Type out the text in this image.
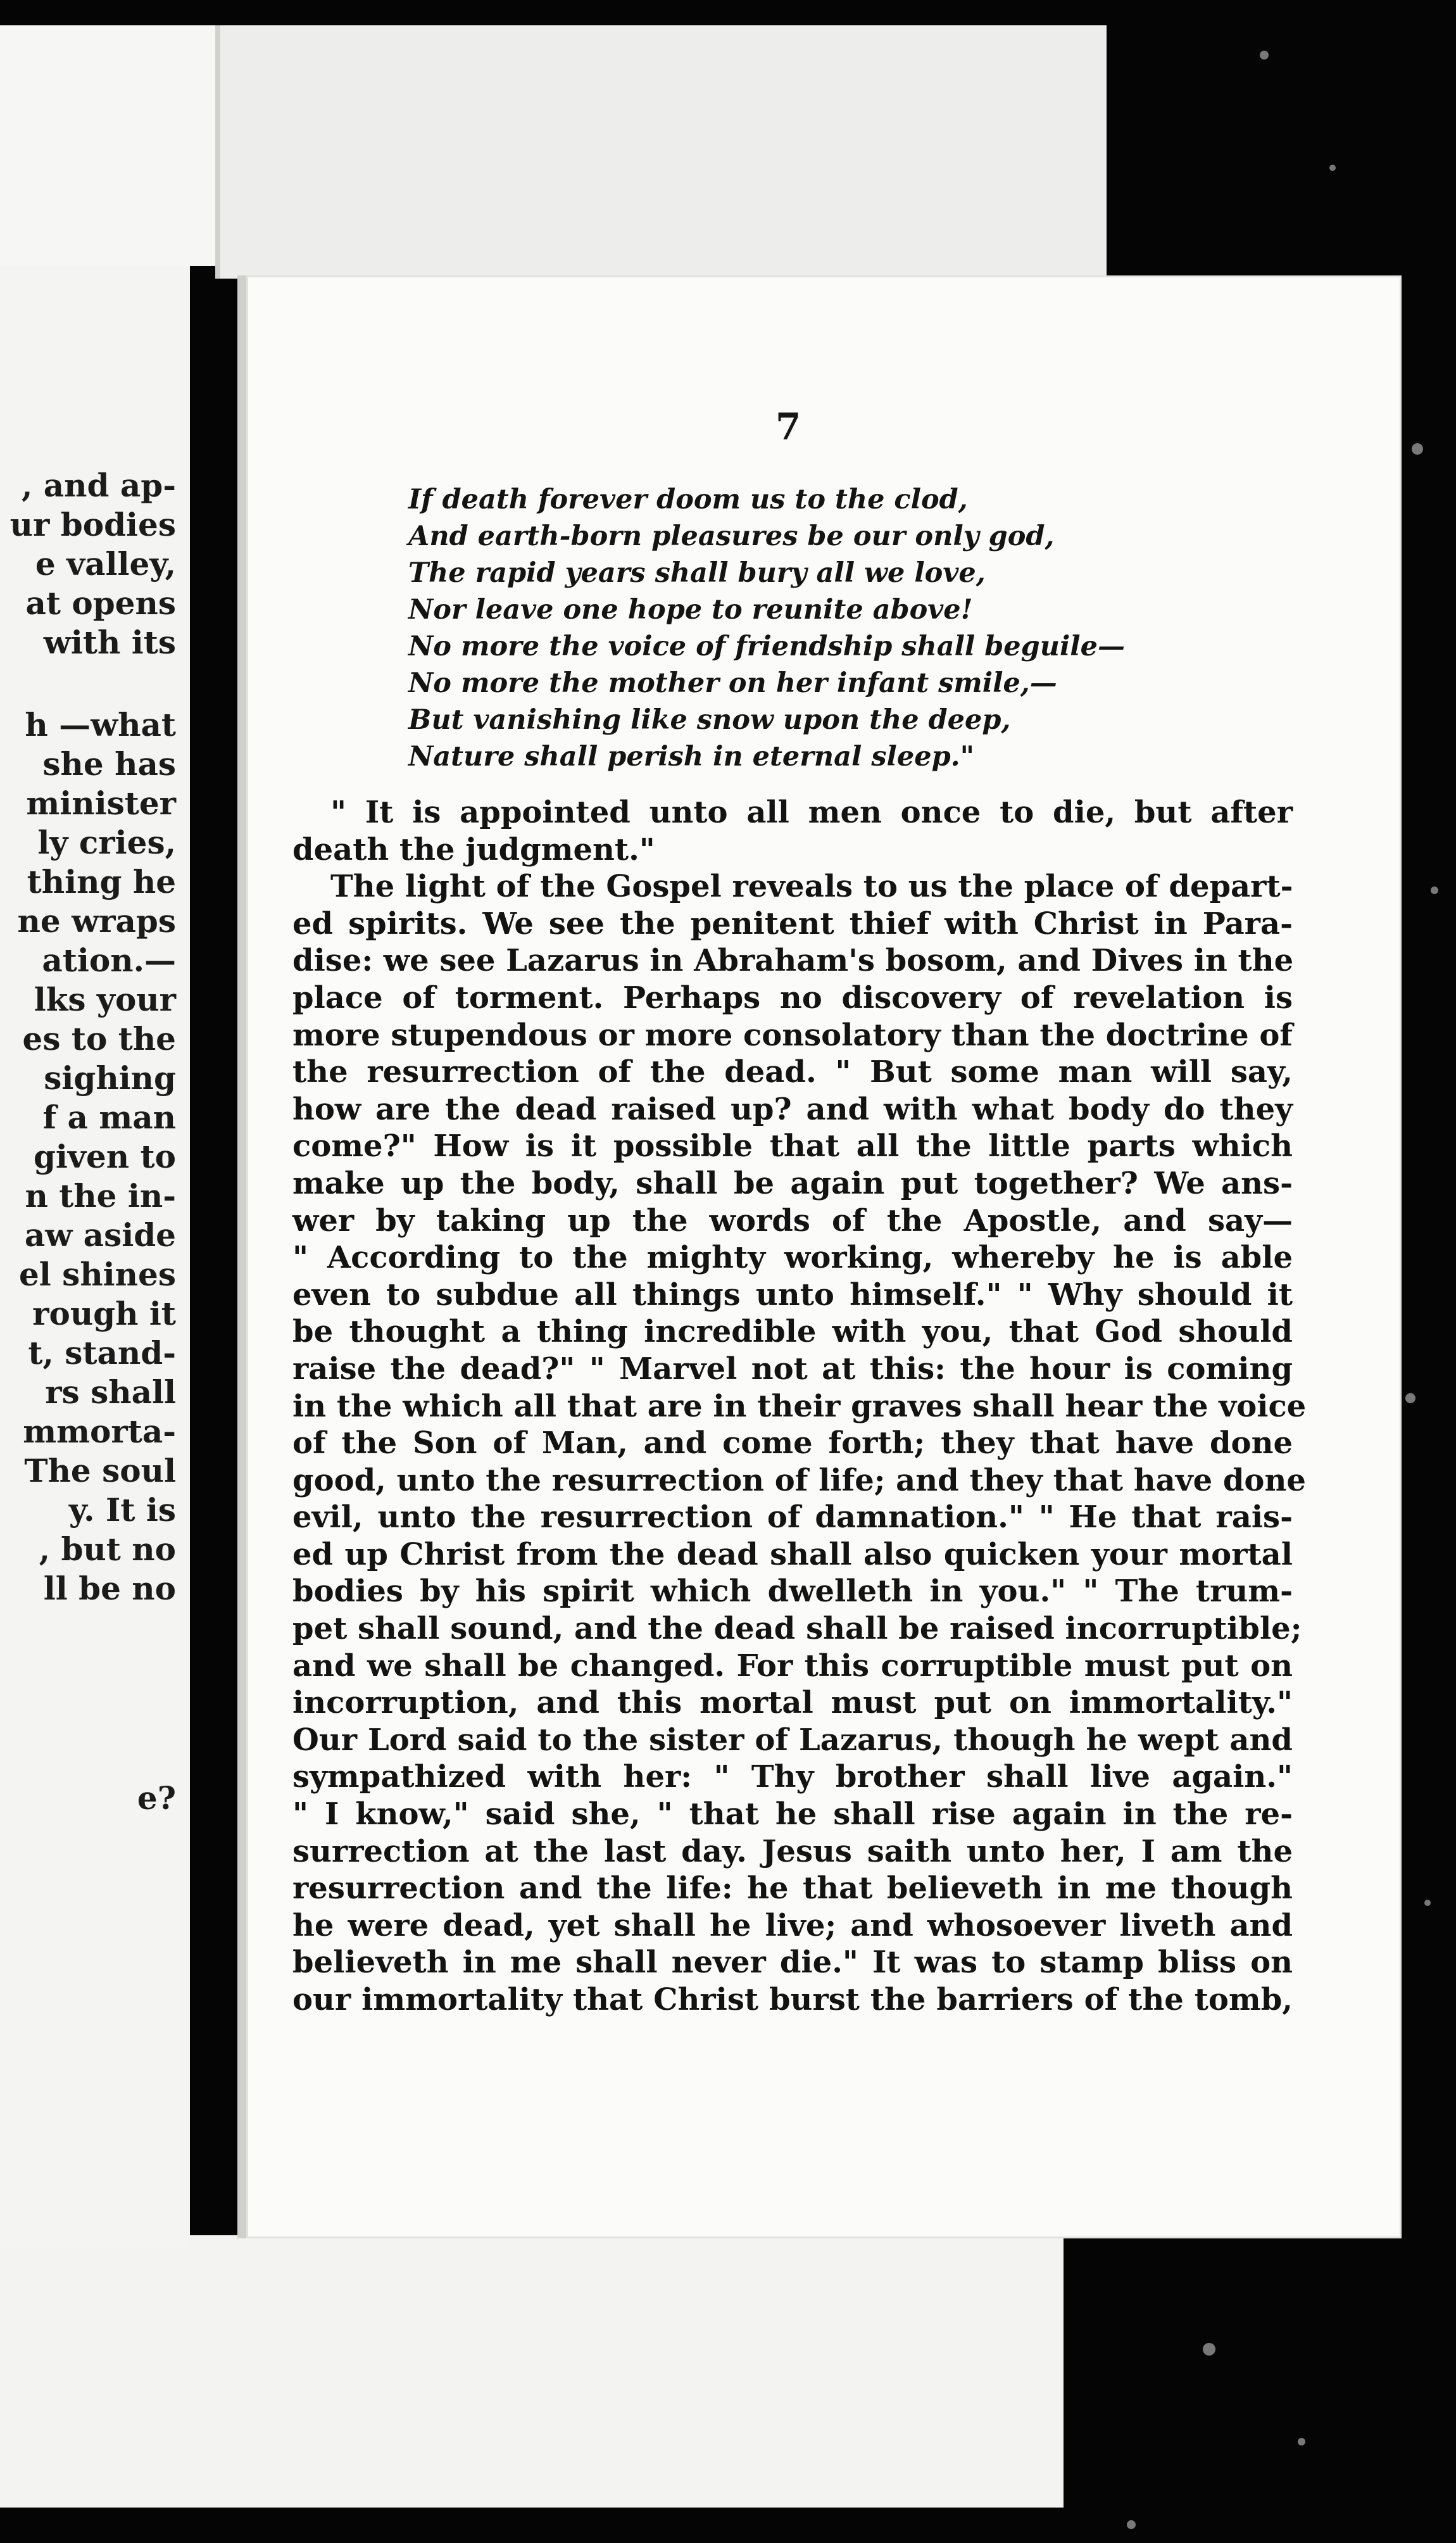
, and ap-
ur bodies
e valley,
at opens
with its
h —what
she has
minister
ly cries,
thing he
ne wraps
ation.—
lks your
es to the
sighing
f a man
given to
n the in-
aw aside
el shines
rough it
t, stand-
rs shall
mmorta-
The soul
y. It is
, but no
ll be no
e?
7
If death forever doom us to the clod,
And earth-born pleasures be our only god,
The rapid years shall bury all we love,
Nor leave one hope to reunite above!
No more the voice of friendship shall beguile—
No more the mother on her infant smile,—
But vanishing like snow upon the deep,
Nature shall perish in eternal sleep."
" It is appointed unto all men once to die, but after
death the judgment."
The light of the Gospel reveals to us the place of depart-
ed spirits. We see the penitent thief with Christ in Para-
dise: we see Lazarus in Abraham's bosom, and Dives in the
place of torment. Perhaps no discovery of revelation is
more stupendous or more consolatory than the doctrine of
the resurrection of the dead. " But some man will say,
how are the dead raised up? and with what body do they
come?" How is it possible that all the little parts which
make up the body, shall be again put together? We ans-
wer by taking up the words of the Apostle, and say—
" According to the mighty working, whereby he is able
even to subdue all things unto himself." " Why should it
be thought a thing incredible with you, that God should
raise the dead?" " Marvel not at this: the hour is coming
in the which all that are in their graves shall hear the voice
of the Son of Man, and come forth; they that have done
good, unto the resurrection of life; and they that have done
evil, unto the resurrection of damnation." " He that rais-
ed up Christ from the dead shall also quicken your mortal
bodies by his spirit which dwelleth in you." " The trum-
pet shall sound, and the dead shall be raised incorruptible;
and we shall be changed. For this corruptible must put on
incorruption, and this mortal must put on immortality."
Our Lord said to the sister of Lazarus, though he wept and
sympathized with her: " Thy brother shall live again."
" I know," said she, " that he shall rise again in the re-
surrection at the last day. Jesus saith unto her, I am the
resurrection and the life: he that believeth in me though
he were dead, yet shall he live; and whosoever liveth and
believeth in me shall never die." It was to stamp bliss on
our immortality that Christ burst the barriers of the tomb,
